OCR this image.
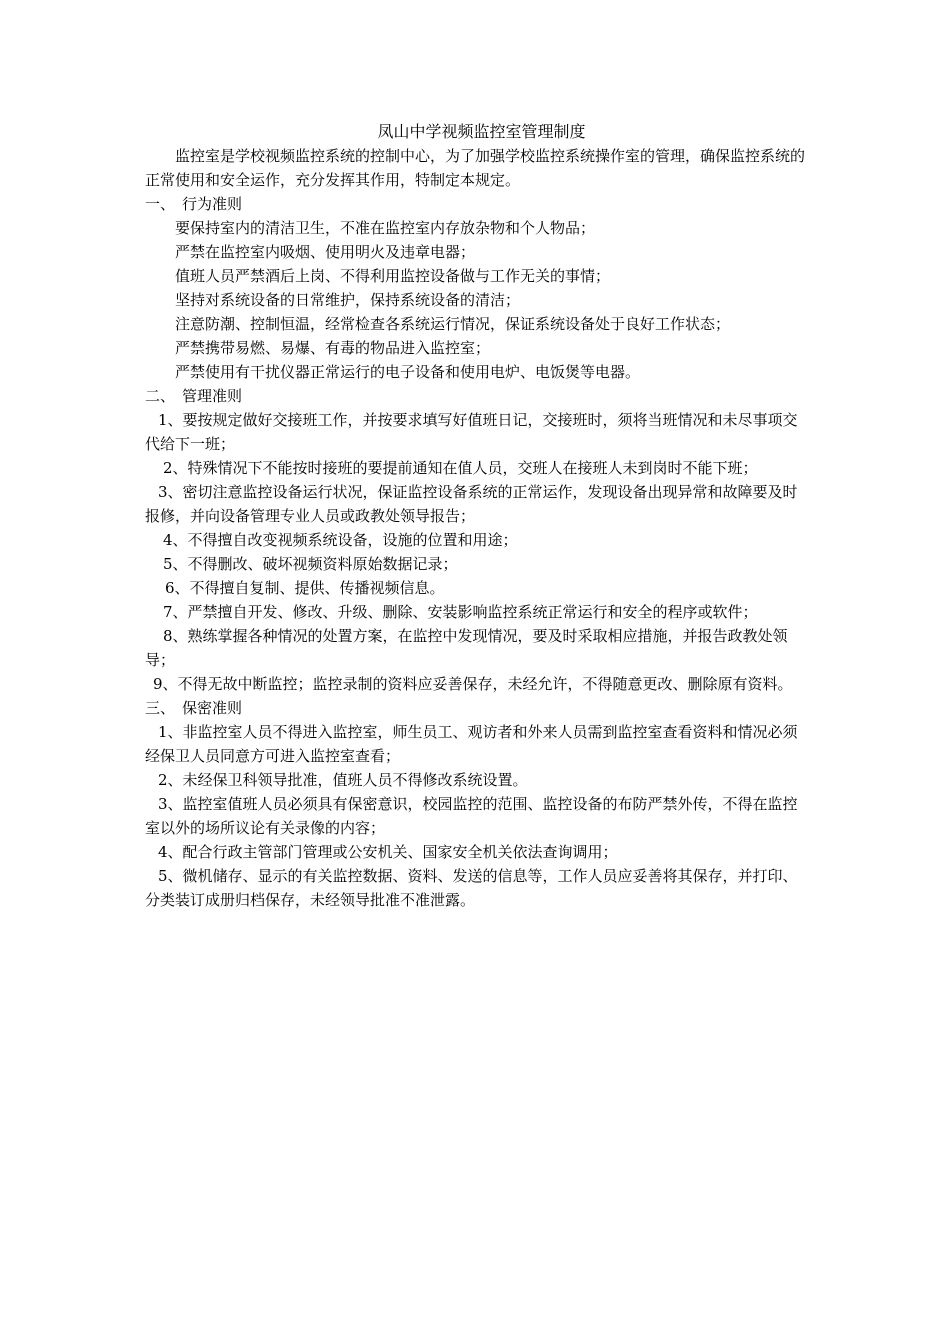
凤山中学视频监控室管理制度

监控室是学校视频监控系统的控制中心，为了加强学校监控系统操作室的管理，确保监控系统的正常使用和安全运作，充分发挥其作用，特制定本规定。

一、 行为准则

要保持室内的清洁卫生，不准在监控室内存放杂物和个人物品；

严禁在监控室内吸烟、使用明火及违章电器；

值班人员严禁酒后上岗、不得利用监控设备做与工作无关的事情；

坚持对系统设备的日常维护，保持系统设备的清洁；

注意防潮、控制恒温，经常检查各系统运行情况，保证系统设备处于良好工作状态；

严禁携带易燃、易爆、有毒的物品进入监控室；

严禁使用有干扰仪器正常运行的电子设备和使用电炉、电饭煲等电器。

二、 管理准则

1、要按规定做好交接班工作，并按要求填写好值班日记，交接班时，须将当班情况和未尽事项交代给下一班；

2、特殊情况下不能按时接班的要提前通知在值人员，交班人在接班人未到岗时不能下班；

3、密切注意监控设备运行状况，保证监控设备系统的正常运作，发现设备出现异常和故障要及时报修，并向设备管理专业人员或政教处领导报告；

4、不得擅自改变视频系统设备，设施的位置和用途；

5、不得删改、破坏视频资料原始数据记录；

6、不得擅自复制、提供、传播视频信息。

7、严禁擅自开发、修改、升级、删除、安装影响监控系统正常运行和安全的程序或软件；

8、熟练掌握各种情况的处置方案，在监控中发现情况，要及时采取相应措施，并报告政教处领导；

9、不得无故中断监控；监控录制的资料应妥善保存，未经允许，不得随意更改、删除原有资料。

三、 保密准则

1、非监控室人员不得进入监控室，师生员工、观访者和外来人员需到监控室查看资料和情况必须经保卫人员同意方可进入监控室查看；

2、未经保卫科领导批准，值班人员不得修改系统设置。

3、监控室值班人员必须具有保密意识，校园监控的范围、监控设备的布防严禁外传，不得在监控室以外的场所议论有关录像的内容；

4、配合行政主管部门管理或公安机关、国家安全机关依法查询调用；

5、微机储存、显示的有关监控数据、资料、发送的信息等，工作人员应妥善将其保存，并打印、分类装订成册归档保存，未经领导批准不准泄露。
